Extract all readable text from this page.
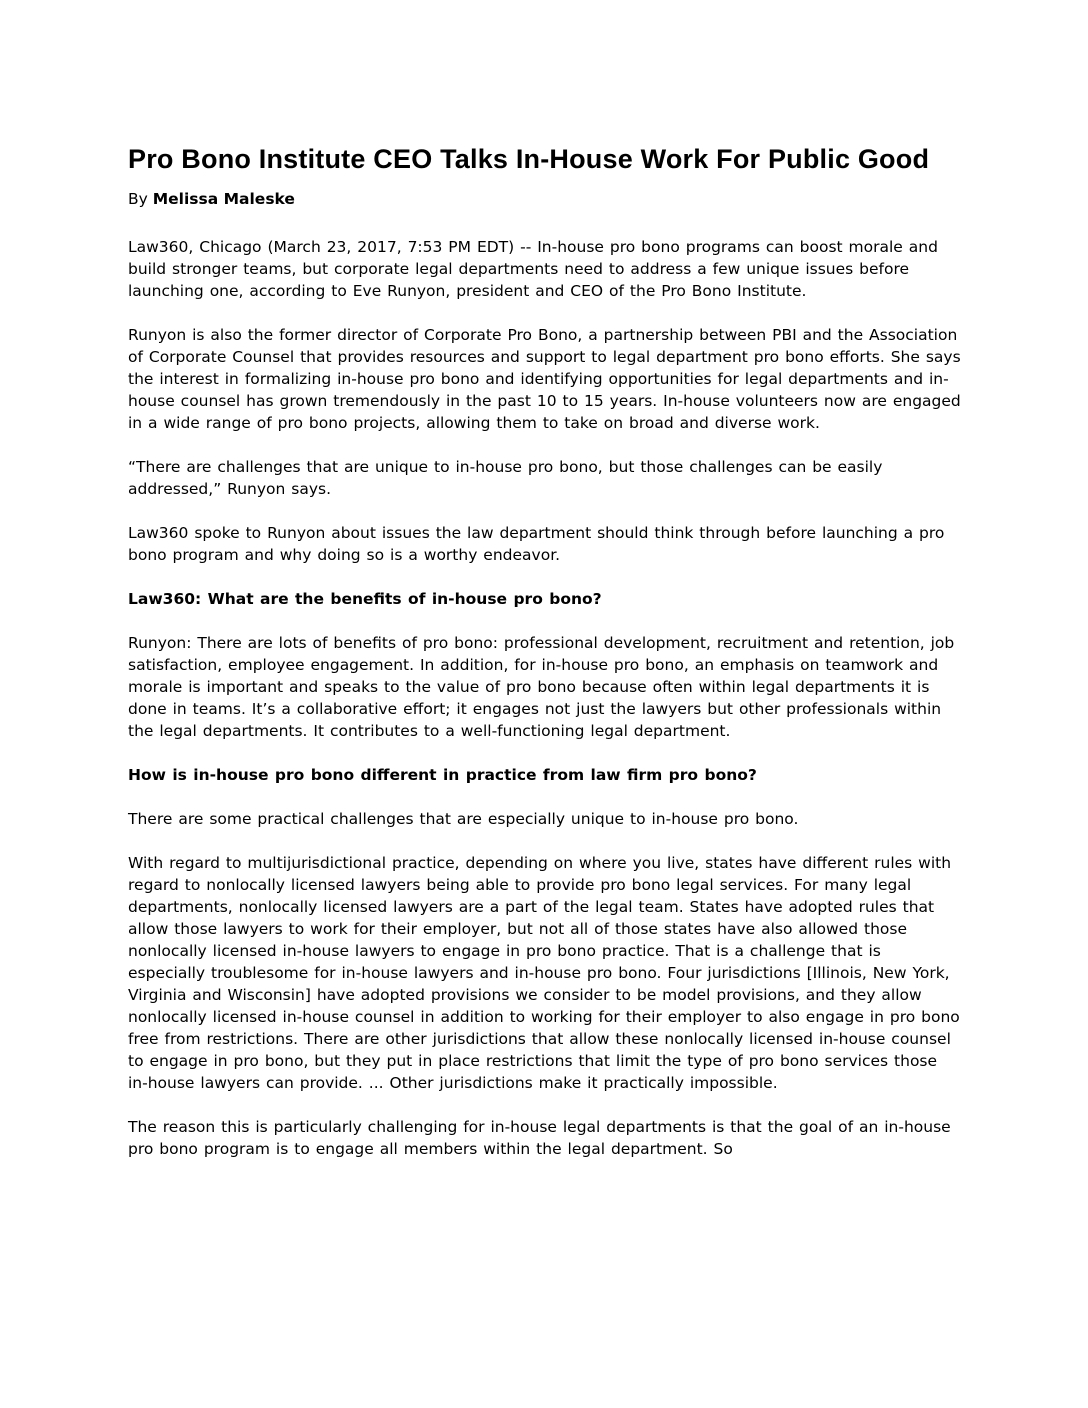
Pro Bono Institute CEO Talks In-House Work For Public Good

By Melissa Maleske

Law360, Chicago (March 23, 2017, 7:53 PM EDT) -- In-house pro bono programs can boost morale and build stronger teams, but corporate legal departments need to address a few unique issues before launching one, according to Eve Runyon, president and CEO of the Pro Bono Institute.

Runyon is also the former director of Corporate Pro Bono, a partnership between PBI and the Association of Corporate Counsel that provides resources and support to legal department pro bono efforts. She says the interest in formalizing in-house pro bono and identifying opportunities for legal departments and in-house counsel has grown tremendously in the past 10 to 15 years. In-house volunteers now are engaged in a wide range of pro bono projects, allowing them to take on broad and diverse work.

“There are challenges that are unique to in-house pro bono, but those challenges can be easily addressed,” Runyon says.

Law360 spoke to Runyon about issues the law department should think through before launching a pro bono program and why doing so is a worthy endeavor.

Law360: What are the benefits of in-house pro bono?

Runyon: There are lots of benefits of pro bono: professional development, recruitment and retention, job satisfaction, employee engagement. In addition, for in-house pro bono, an emphasis on teamwork and morale is important and speaks to the value of pro bono because often within legal departments it is done in teams. It’s a collaborative effort; it engages not just the lawyers but other professionals within the legal departments. It contributes to a well-functioning legal department.

How is in-house pro bono different in practice from law firm pro bono?

There are some practical challenges that are especially unique to in-house pro bono.

With regard to multijurisdictional practice, depending on where you live, states have different rules with regard to nonlocally licensed lawyers being able to provide pro bono legal services. For many legal departments, nonlocally licensed lawyers are a part of the legal team. States have adopted rules that allow those lawyers to work for their employer, but not all of those states have also allowed those nonlocally licensed in-house lawyers to engage in pro bono practice. That is a challenge that is especially troublesome for in-house lawyers and in-house pro bono. Four jurisdictions [Illinois, New York, Virginia and Wisconsin] have adopted provisions we consider to be model provisions, and they allow nonlocally licensed in-house counsel in addition to working for their employer to also engage in pro bono free from restrictions. There are other jurisdictions that allow these nonlocally licensed in-house counsel to engage in pro bono, but they put in place restrictions that limit the type of pro bono services those in-house lawyers can provide. ... Other jurisdictions make it practically impossible.

The reason this is particularly challenging for in-house legal departments is that the goal of an in-house pro bono program is to engage all members within the legal department. So
